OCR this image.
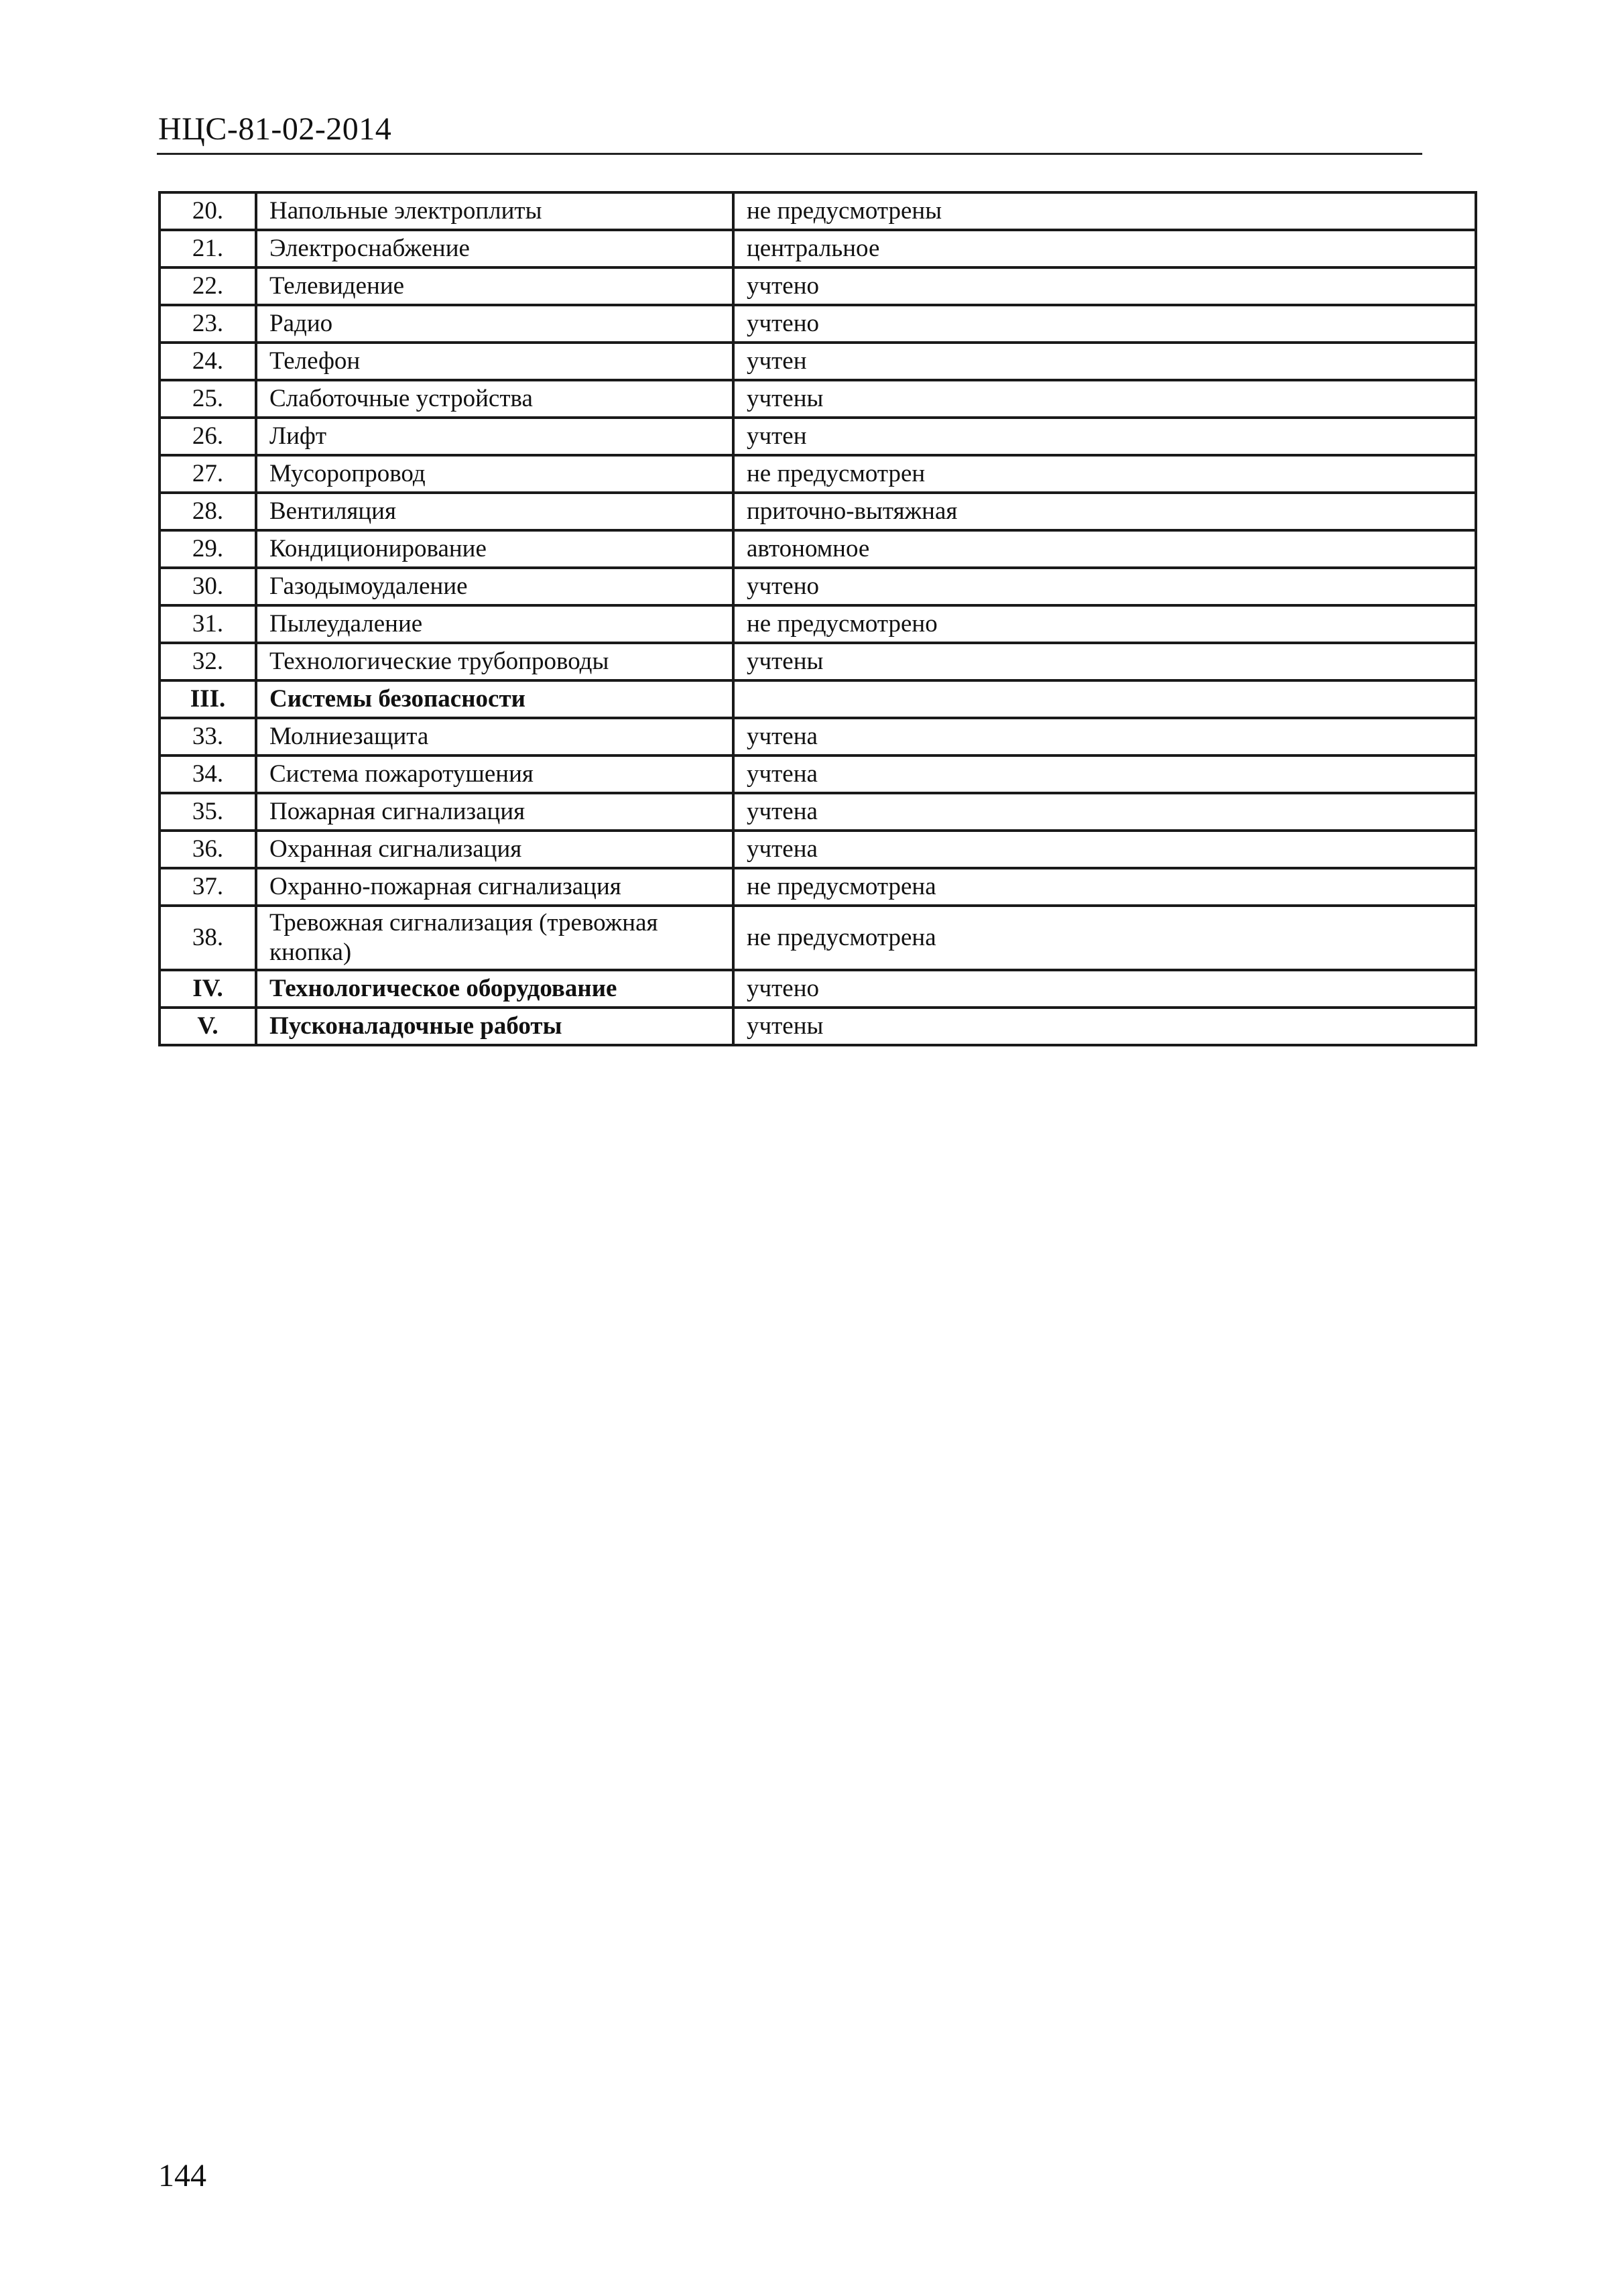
НЦС-81-02-2014
20.	Напольные электроплиты	не предусмотрены
21.	Электроснабжение	центральное
22.	Телевидение	учтено
23.	Радио	учтено
24.	Телефон	учтен
25.	Слаботочные устройства	учтены
26.	Лифт	учтен
27.	Мусоропровод	не предусмотрен
28.	Вентиляция	приточно-вытяжная
29.	Кондиционирование	автономное
30.	Газодымоудаление	учтено
31.	Пылеудаление	не предусмотрено
32.	Технологические трубопроводы	учтены
III.	Системы безопасности	
33.	Молниезащита	учтена
34.	Система пожаротушения	учтена
35.	Пожарная сигнализация	учтена
36.	Охранная сигнализация	учтена
37.	Охранно-пожарная сигнализация	не предусмотрена
38.	Тревожная сигнализация (тревожная кнопка)	не предусмотрена
IV.	Технологическое оборудование	учтено
V.	Пусконаладочные работы	учтены
144
